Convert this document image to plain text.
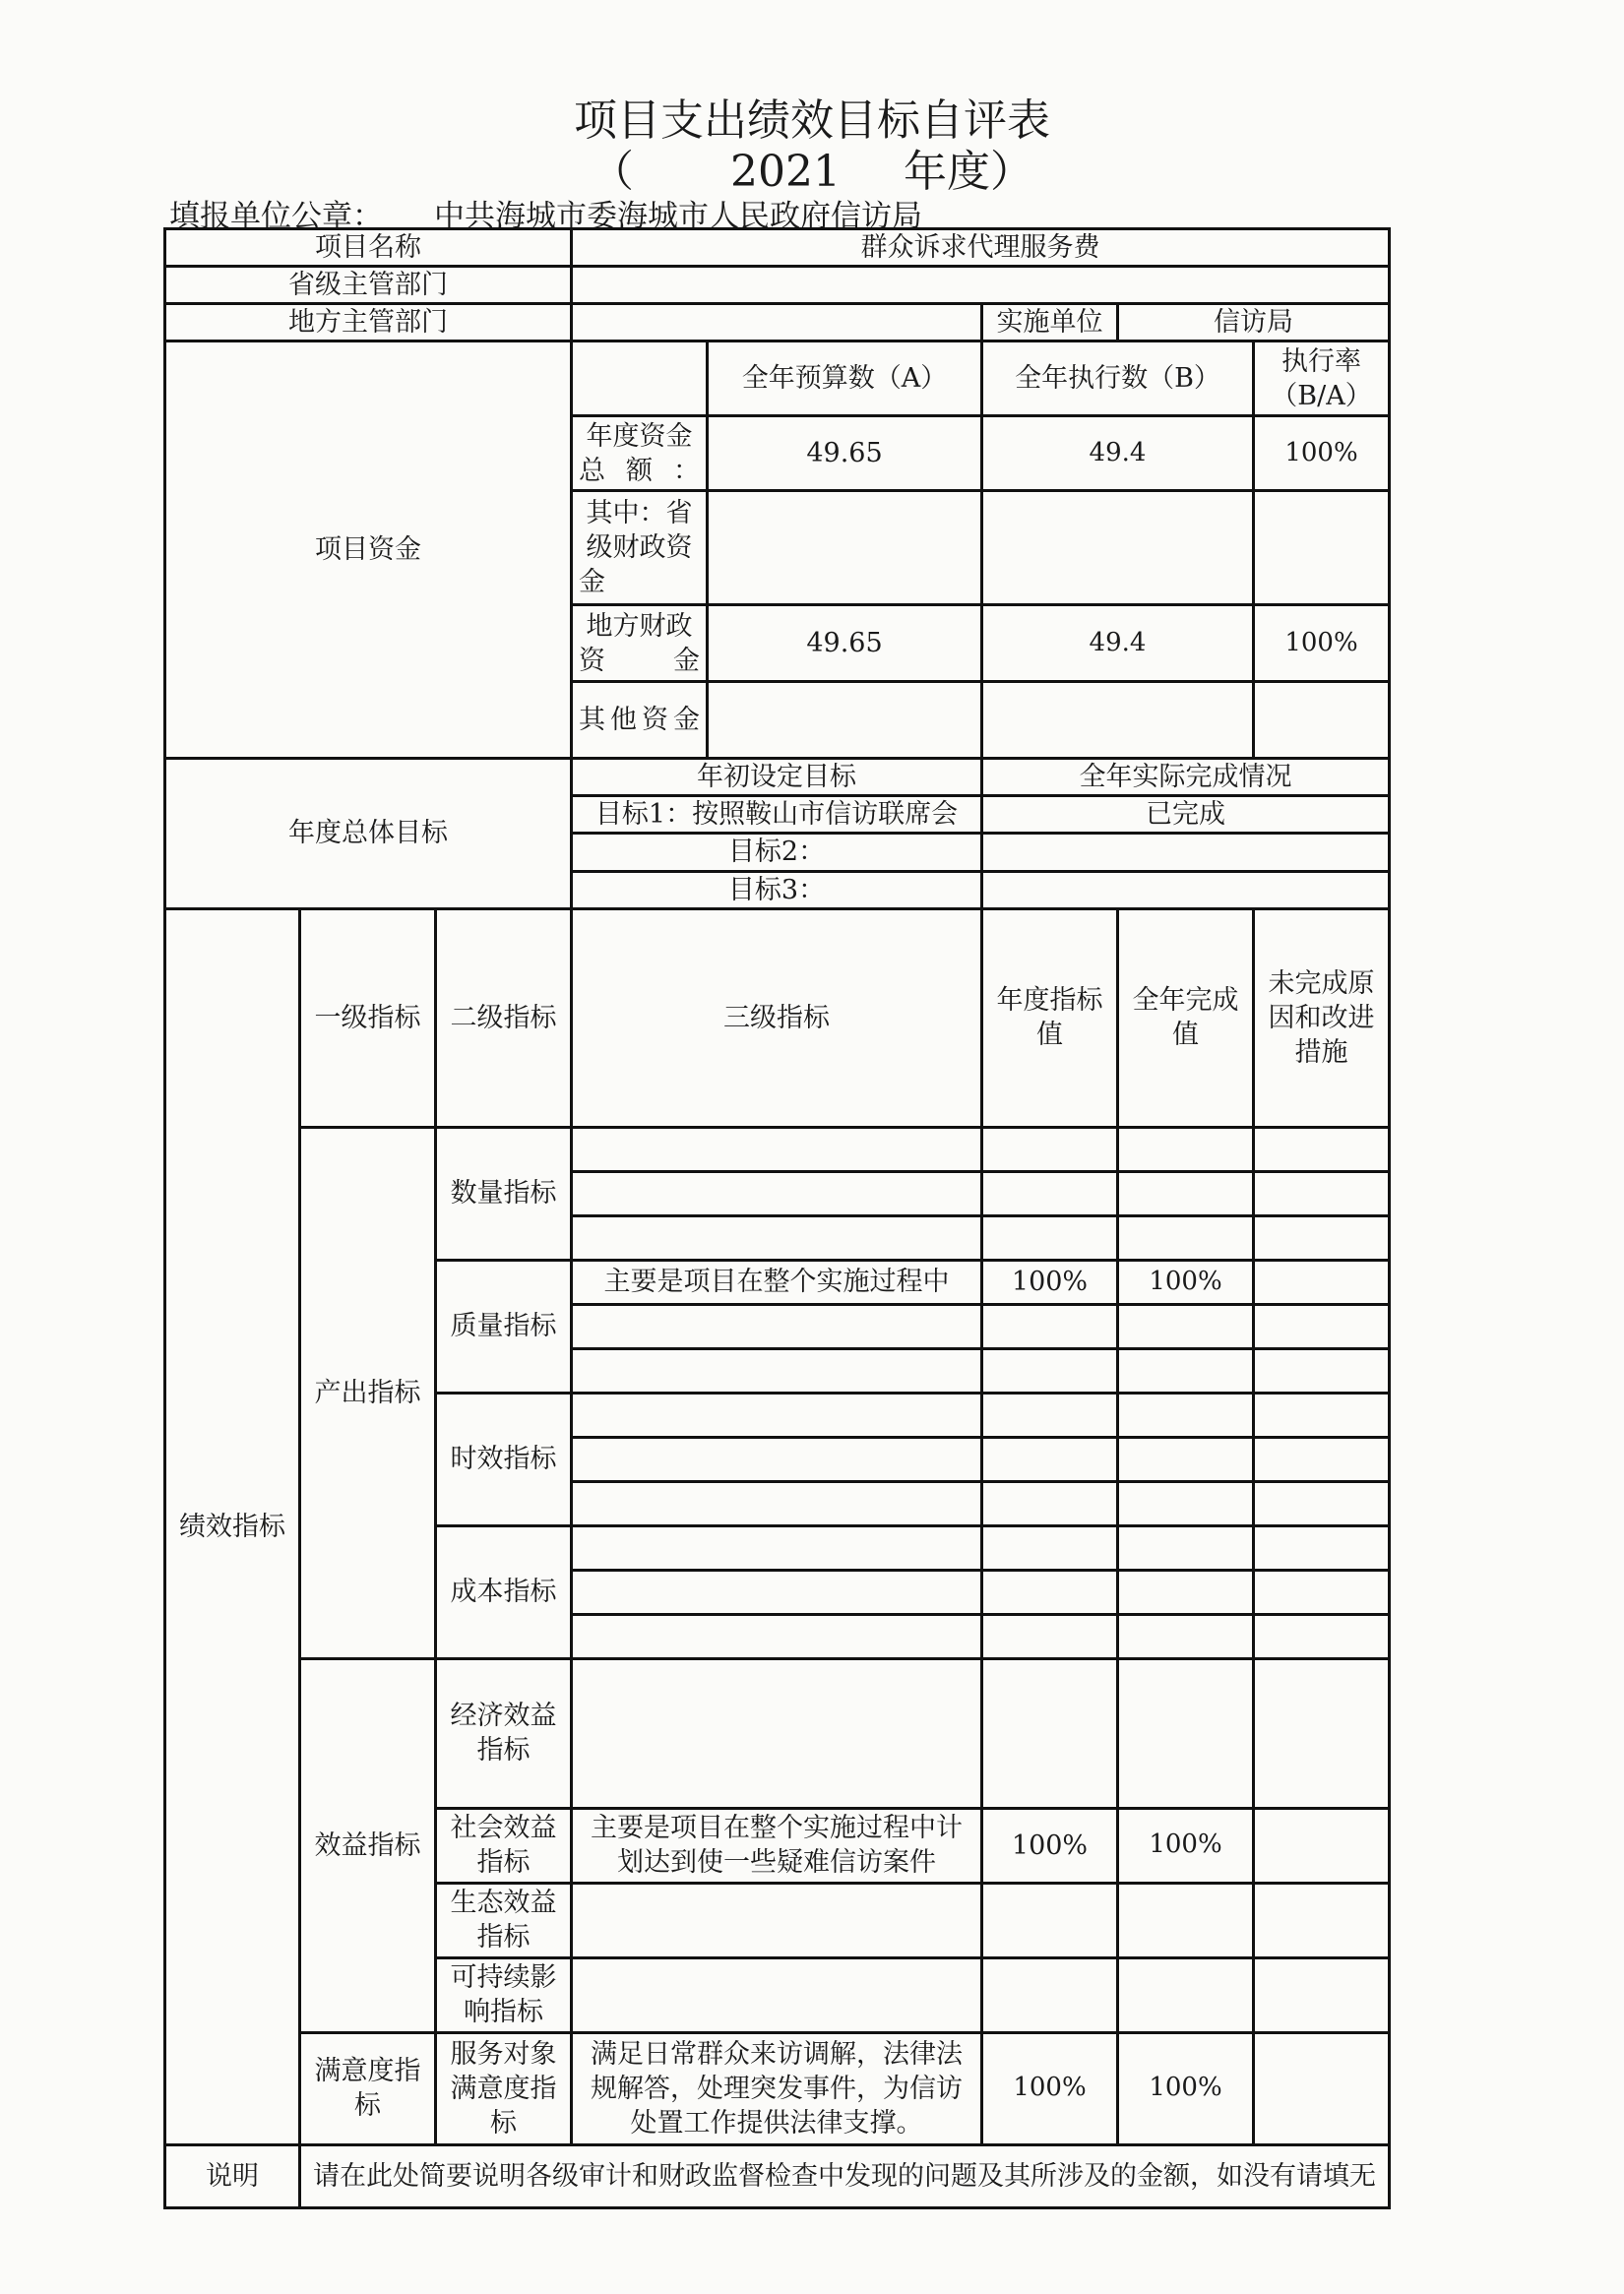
项目支出绩效目标自评表
（ 2021 年度）
填报单位公章： 中共海城市委海城市人民政府信访局
项目名称			群众诉求代理服务费				
省级主管部门							
地方主管部门					实施单位	信访局	
项目资金				全年预算数（A）	全年执行数（B）		执行率（B/A）
			年度资金总额：	49.65	49.4		100%
			其中：省级财政资金				
			地方财政资金	49.65	49.4		100%
			其他资金				
年度总体目标			年初设定目标		全年实际完成情况		
			目标1：按照鞍山市信访联席会		已完成		
			目标2：				
			目标3：				
绩效指标	一级指标	二级指标	三级指标		年度指标值	全年完成值	未完成原因和改进措施
	产出指标	数量指标					

		质量指标	主要是项目在整个实施过程中		100%	100%	

		时效指标					

		成本指标					

	效益指标	经济效益指标					
		社会效益指标	主要是项目在整个实施过程中计划达到使一些疑难信访案件		100%	100%	
		生态效益指标					
		可持续影响指标					
	满意度指标	服务对象满意度指标	满足日常群众来访调解，法律法规解答，处理突发事件，为信访处置工作提供法律支撑。		100%	100%	
说明	请在此处简要说明各级审计和财政监督检查中发现的问题及其所涉及的金额，如没有请填无						
